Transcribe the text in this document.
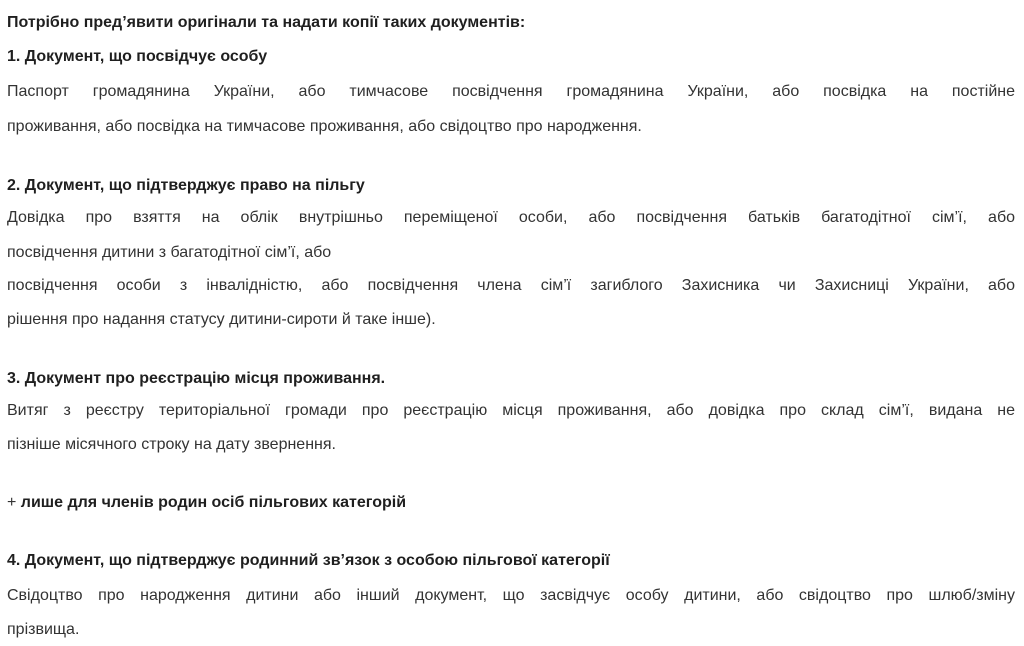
Потрібно пред’явити оригінали та надати копії таких документів:
1. Документ, що посвідчує особу
Паспорт громадянина України, або тимчасове посвідчення громадянина України, або посвідка на постійне
проживання, або посвідка на тимчасове проживання, або свідоцтво про народження.
2. Документ, що підтверджує право на пільгу
Довідка про взяття на облік внутрішньо переміщеної особи, або посвідчення батьків багатодітної сім’ї, або
посвідчення дитини з багатодітної сім’ї, або
посвідчення особи з інвалідністю, або посвідчення члена сім’ї загиблого Захисника чи Захисниці України, або
рішення про надання статусу дитини-сироти й таке інше).
3. Документ про реєстрацію місця проживання.
Витяг з реєстру територіальної громади про реєстрацію місця проживання, або довідка про склад сім’ї, видана не
пізніше місячного строку на дату звернення.
+ лише для членів родин осіб пільгових категорій
4. Документ, що підтверджує родинний зв’язок з особою пільгової категорії
Свідоцтво про народження дитини або інший документ, що засвідчує особу дитини, або свідоцтво про шлюб/зміну
прізвища.
